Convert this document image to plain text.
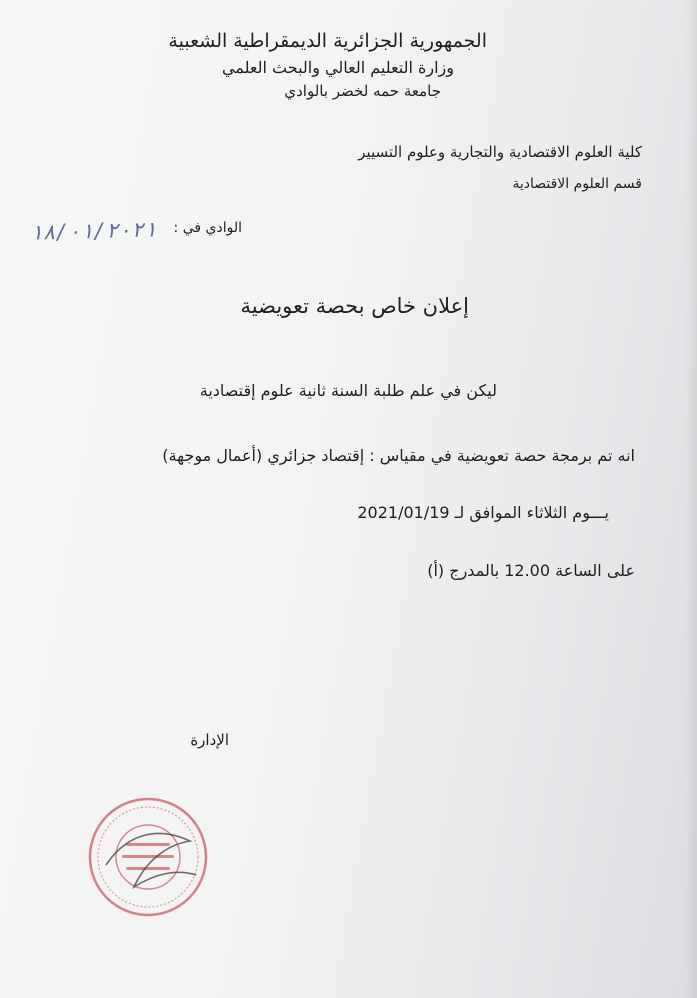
الجمهورية الجزائرية الديمقراطية الشعبية
وزارة التعليم العالي والبحث العلمي
جامعة حمه لخضر بالوادي
كلية العلوم الاقتصادية والتجارية وعلوم التسيير
قسم العلوم الاقتصادية
الوادي في :
١٨/٠١/٢٠٢١
إعلان خاص بحصة تعويضية
ليكن في علم طلبة السنة ثانية علوم إقتصادية
انه تم برمجة حصة تعويضية في مقياس : إقتصاد جزائري (أعمال موجهة)
يـــوم الثلاثاء الموافق لـ 2021/01/19
على الساعة 12.00 بالمدرج (أ)
الإدارة
